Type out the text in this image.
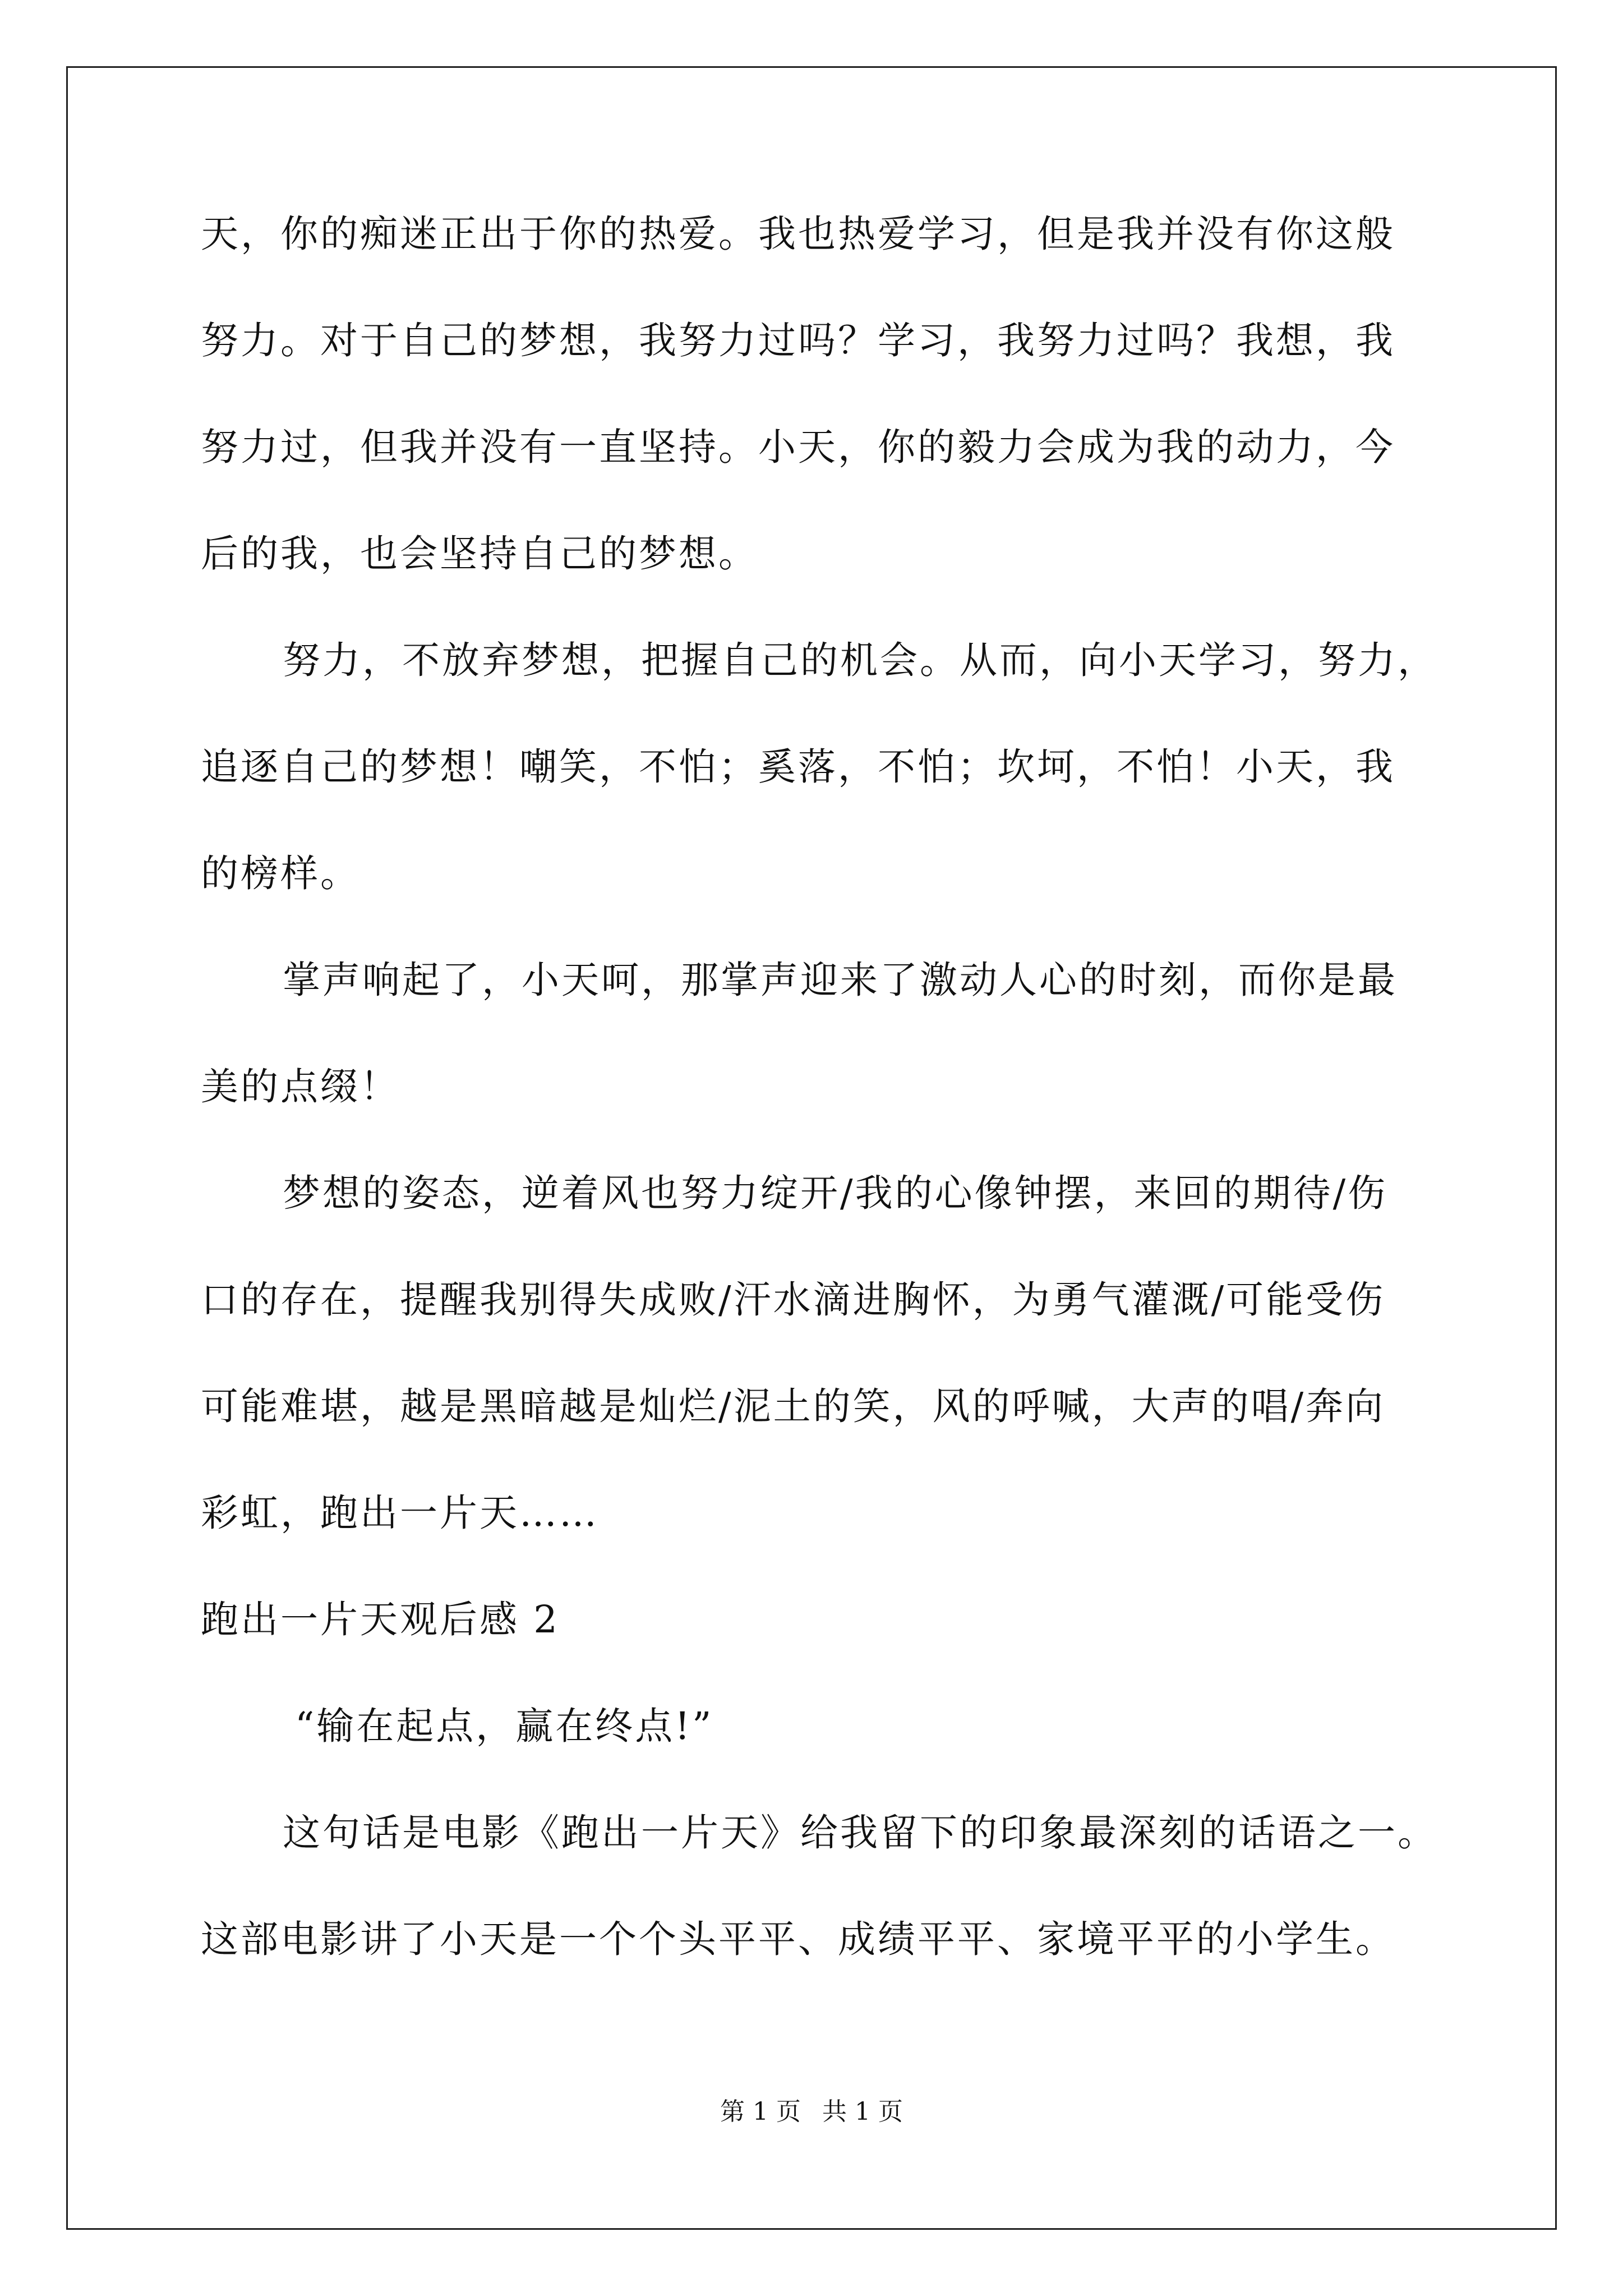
天，你的痴迷正出于你的热爱。我也热爱学习，但是我并没有你这般

努力。对于自己的梦想，我努力过吗？学习，我努力过吗？我想，我

努力过，但我并没有一直坚持。小天，你的毅力会成为我的动力，今

后的我，也会坚持自己的梦想。

努力，不放弃梦想，把握自己的机会。从而，向小天学习，努力，

追逐自己的梦想！嘲笑，不怕；奚落，不怕；坎坷，不怕！小天，我

的榜样。

掌声响起了，小天呵，那掌声迎来了激动人心的时刻，而你是最

美的点缀！

梦想的姿态，逆着风也努力绽开/我的心像钟摆，来回的期待/伤

口的存在，提醒我别得失成败/汗水滴进胸怀，为勇气灌溉/可能受伤

可能难堪，越是黑暗越是灿烂/泥土的笑，风的呼喊，大声的唱/奔向

彩虹，跑出一片天……

跑出一片天观后感 2

“输在起点，赢在终点!”

这句话是电影《跑出一片天》给我留下的印象最深刻的话语之一。

这部电影讲了小天是一个个头平平、成绩平平、家境平平的小学生。

第 1 页 共 1 页
